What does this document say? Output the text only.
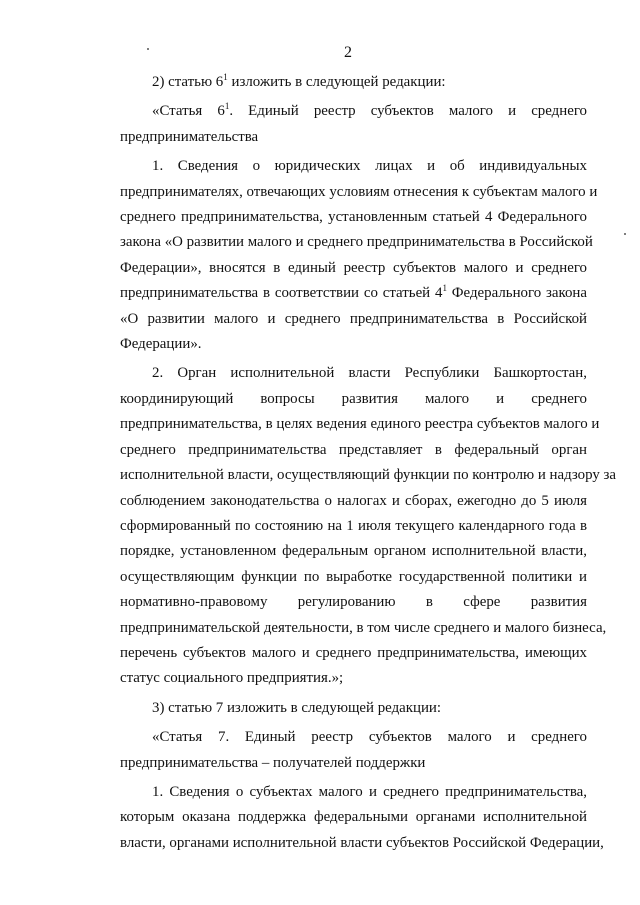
2
2) статью $6^1$ изложить в следующей редакции:
«Статья $6^1$. Единый реестр субъектов малого и среднего
предпринимательства
1. Сведения о юридических лицах и об индивидуальных
предпринимателях, отвечающих условиям отнесения к субъектам малого и
среднего предпринимательства, установленным статьей 4 Федерального
закона «О развитии малого и среднего предпринимательства в Российской
Федерации», вносятся в единый реестр субъектов малого и среднего
предпринимательства в соответствии со статьей $4^1$ Федерального закона
«О развитии малого и среднего предпринимательства в Российской
Федерации».
2. Орган исполнительной власти Республики Башкортостан,
координирующий вопросы развития малого и среднего
предпринимательства, в целях ведения единого реестра субъектов малого и
среднего предпринимательства представляет в федеральный орган
исполнительной власти, осуществляющий функции по контролю и надзору за
соблюдением законодательства о налогах и сборах, ежегодно до 5 июля
сформированный по состоянию на 1 июля текущего календарного года в
порядке, установленном федеральным органом исполнительной власти,
осуществляющим функции по выработке государственной политики и
нормативно-правовому регулированию в сфере развития
предпринимательской деятельности, в том числе среднего и малого бизнеса,
перечень субъектов малого и среднего предпринимательства, имеющих
статус социального предприятия.»;
3) статью 7 изложить в следующей редакции:
«Статья 7. Единый реестр субъектов малого и среднего
предпринимательства – получателей поддержки
1. Сведения о субъектах малого и среднего предпринимательства,
которым оказана поддержка федеральными органами исполнительной
власти, органами исполнительной власти субъектов Российской Федерации,
